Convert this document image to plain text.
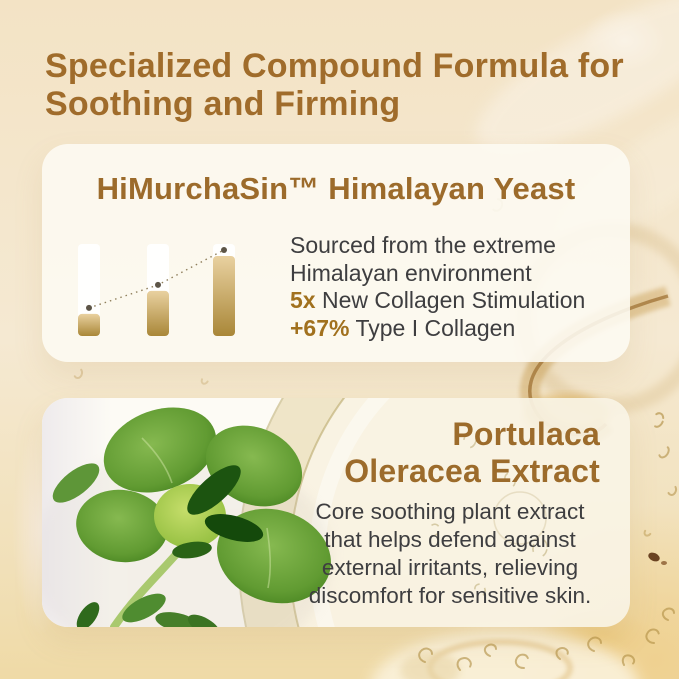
Specialized Compound Formula for
Soothing and Firming
HiMurchaSin™ Himalayan Yeast
Sourced from the extreme
Himalayan environment
5x New Collagen Stimulation
+67% Type I Collagen
Portulaca
Oleracea Extract
Core soothing plant extract
that helps defend against
external irritants, relieving
discomfort for sensitive skin.
